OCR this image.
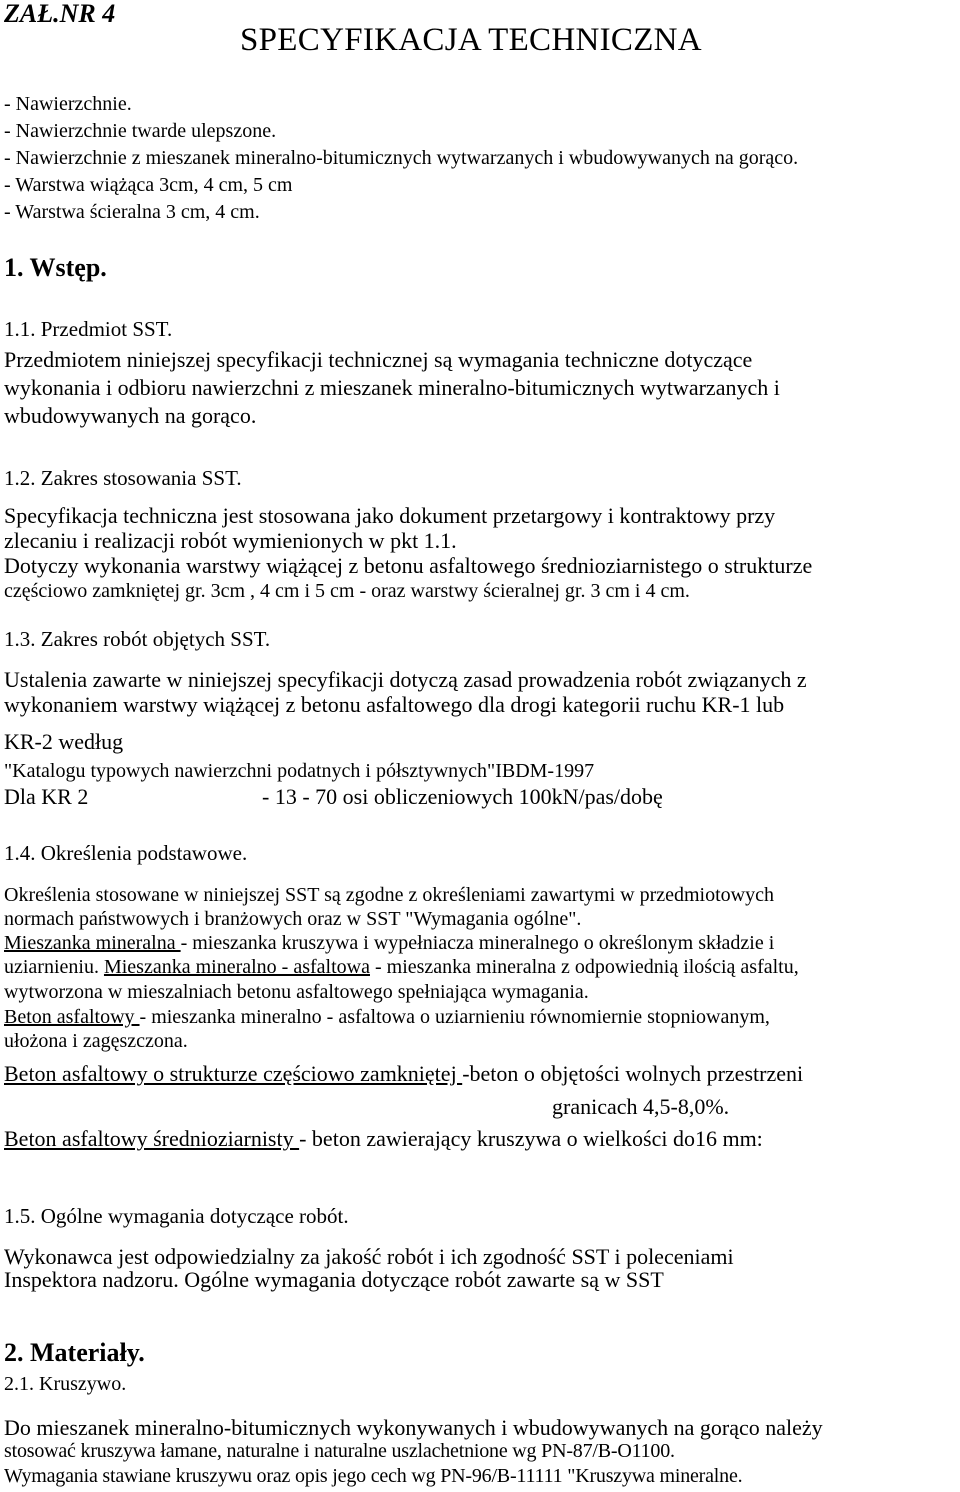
ZAŁ.NR 4
SPECYFIKACJA TECHNICZNA
- Nawierzchnie.
- Nawierzchnie twarde ulepszone.
- Nawierzchnie z mieszanek mineralno-bitumicznych wytwarzanych i wbudowywanych na gorąco.
- Warstwa wiążąca 3cm, 4 cm, 5 cm
- Warstwa ścieralna 3 cm, 4 cm.
1. Wstęp.
1.1. Przedmiot SST.
Przedmiotem niniejszej specyfikacji technicznej są wymagania techniczne dotyczące
wykonania i odbioru nawierzchni z mieszanek mineralno-bitumicznych wytwarzanych i
wbudowywanych na gorąco.
1.2. Zakres stosowania SST.
Specyfikacja techniczna jest stosowana jako dokument przetargowy i kontraktowy przy
zlecaniu i realizacji robót wymienionych w pkt 1.1.
Dotyczy wykonania warstwy wiążącej z betonu asfaltowego średnioziarnistego o strukturze
częściowo zamkniętej gr. 3cm , 4 cm i 5 cm - oraz warstwy ścieralnej gr. 3 cm i 4 cm.
1.3. Zakres robót objętych SST.
Ustalenia zawarte w niniejszej specyfikacji dotyczą zasad prowadzenia robót związanych z
wykonaniem warstwy wiążącej z betonu asfaltowego dla drogi kategorii ruchu KR-1 lub
KR-2 według
"Katalogu typowych nawierzchni podatnych i półsztywnych"IBDM-1997
Dla KR 2	- 13 - 70 osi obliczeniowych 100kN/pas/dobę
1.4. Określenia podstawowe.
Określenia stosowane w niniejszej SST są zgodne z określeniami zawartymi w przedmiotowych
normach państwowych i branżowych oraz w SST "Wymagania ogólne".
Mieszanka mineralna - mieszanka kruszywa i wypełniacza mineralnego o określonym składzie i
uziarnieniu. Mieszanka mineralno - asfaltowa - mieszanka mineralna z odpowiednią ilością asfaltu,
wytworzona w mieszalniach betonu asfaltowego spełniająca wymagania.
Beton asfaltowy - mieszanka mineralno - asfaltowa o uziarnieniu równomiernie stopniowanym,
ułożona i zagęszczona.
Beton asfaltowy o strukturze częściowo zamkniętej -beton o objętości wolnych przestrzeni
granicach 4,5-8,0%.
Beton asfaltowy średnioziarnisty - beton zawierający kruszywa o wielkości do16 mm:
1.5. Ogólne wymagania dotyczące robót.
Wykonawca jest odpowiedzialny za jakość robót i ich zgodność SST i poleceniami
Inspektora nadzoru. Ogólne wymagania dotyczące robót zawarte są w SST
2. Materiały.
2.1. Kruszywo.
Do mieszanek mineralno-bitumicznych wykonywanych i wbudowywanych na gorąco należy
stosować kruszywa łamane, naturalne i naturalne uszlachetnione wg PN-87/B-O1100.
Wymagania stawiane kruszywu oraz opis jego cech wg PN-96/B-11111 "Kruszywa mineralne.
